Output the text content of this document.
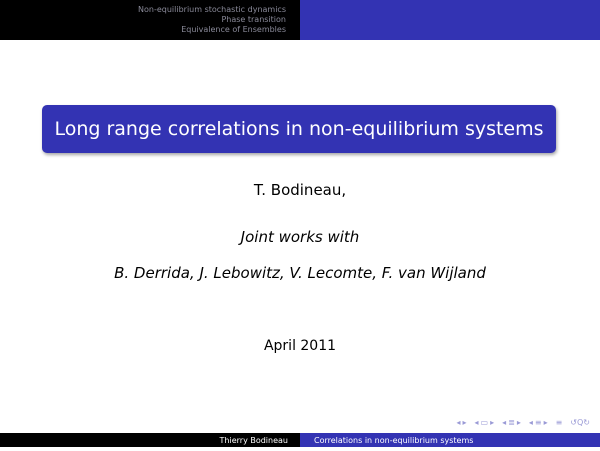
Non-equilibrium stochastic dynamics
Phase transition
Equivalence of Ensembles
Long range correlations in non-equilibrium systems
T. Bodineau,
Joint works with
B. Derrida, J. Lebowitz, V. Lecomte, F. van Wijland
April 2011
◂ ▸ ◂ ▭ ▸ ◂ ≣ ▸ ◂ ≡ ▸ ≡ ↺Q↻
Thierry Bodineau	Correlations in non-equilibrium systems
